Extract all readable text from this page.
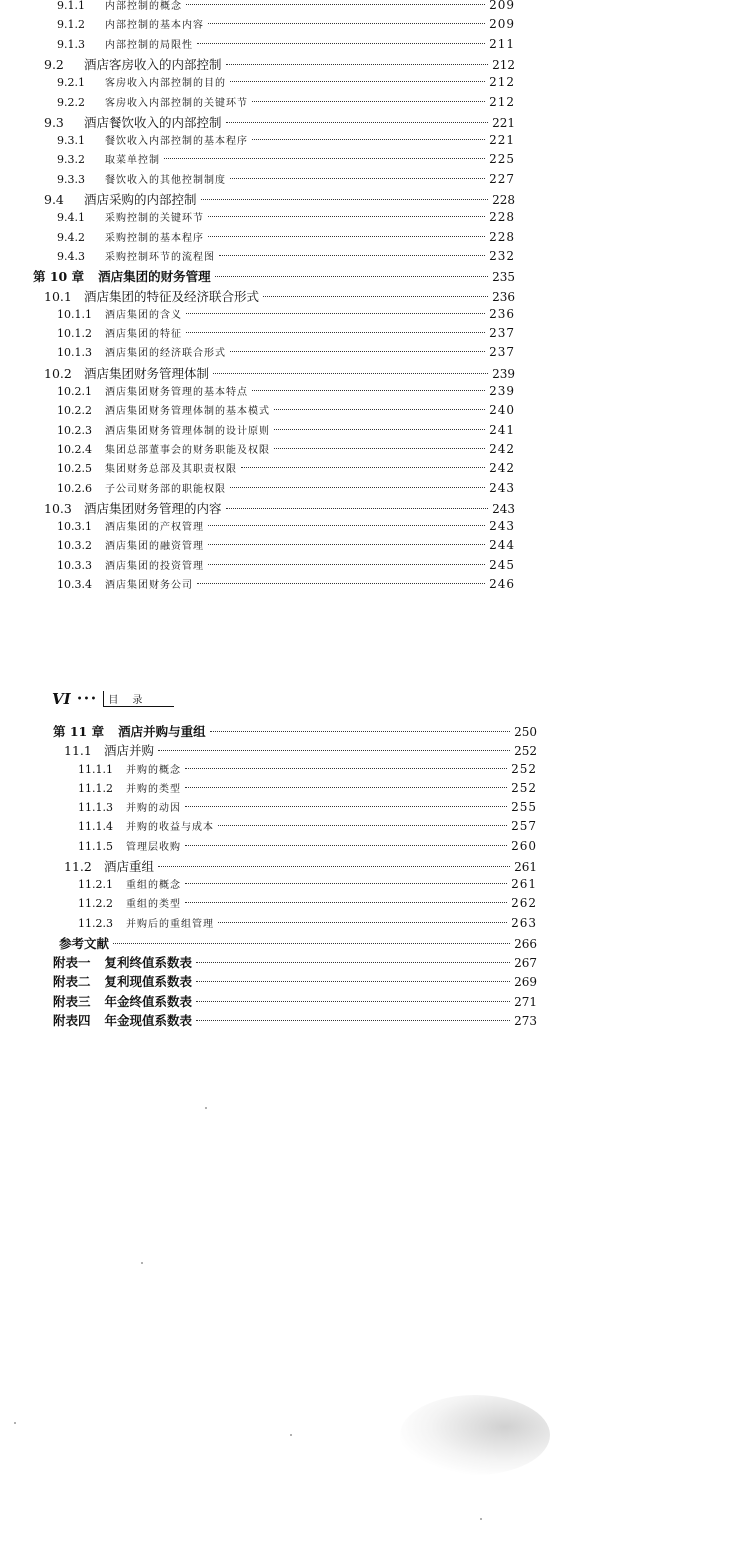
9.1.1	内部控制的概念	209
9.1.2	内部控制的基本内容	209
9.1.3	内部控制的局限性	211
9.2	酒店客房收入的内部控制	212
9.2.1	客房收入内部控制的目的	212
9.2.2	客房收入内部控制的关键环节	212
9.3	酒店餐饮收入的内部控制	221
9.3.1	餐饮收入内部控制的基本程序	221
9.3.2	取菜单控制	225
9.3.3	餐饮收入的其他控制制度	227
9.4	酒店采购的内部控制	228
9.4.1	采购控制的关键环节	228
9.4.2	采购控制的基本程序	228
9.4.3	采购控制环节的流程图	232
第 10 章	酒店集团的财务管理	235
10.1 酒店集团的特征及经济联合形式	236
10.1.1	酒店集团的含义	236
10.1.2	酒店集团的特征	237
10.1.3	酒店集团的经济联合形式	237
10.2 酒店集团财务管理体制	239
10.2.1	酒店集团财务管理的基本特点	239
10.2.2	酒店集团财务管理体制的基本模式	240
10.2.3	酒店集团财务管理体制的设计原则	241
10.2.4	集团总部董事会的财务职能及权限	242
10.2.5	集团财务总部及其职责权限	242
10.2.6	子公司财务部的职能权限	243
10.3 酒店集团财务管理的内容	243
10.3.1	酒店集团的产权管理	243
10.3.2	酒店集团的融资管理	244
10.3.3	酒店集团的投资管理	245
10.3.4	酒店集团财务公司	246
VI •••	目录
第 11 章	酒店并购与重组	250
11.1 酒店并购	252
11.1.1	并购的概念	252
11.1.2	并购的类型	252
11.1.3	并购的动因	255
11.1.4	并购的收益与成本	257
11.1.5	管理层收购	260
11.2 酒店重组	261
11.2.1	重组的概念	261
11.2.2	重组的类型	262
11.2.3	并购后的重组管理	263
参考文献	266
附表一	复利终值系数表	267
附表二	复利现值系数表	269
附表三	年金终值系数表	271
附表四	年金现值系数表	273
